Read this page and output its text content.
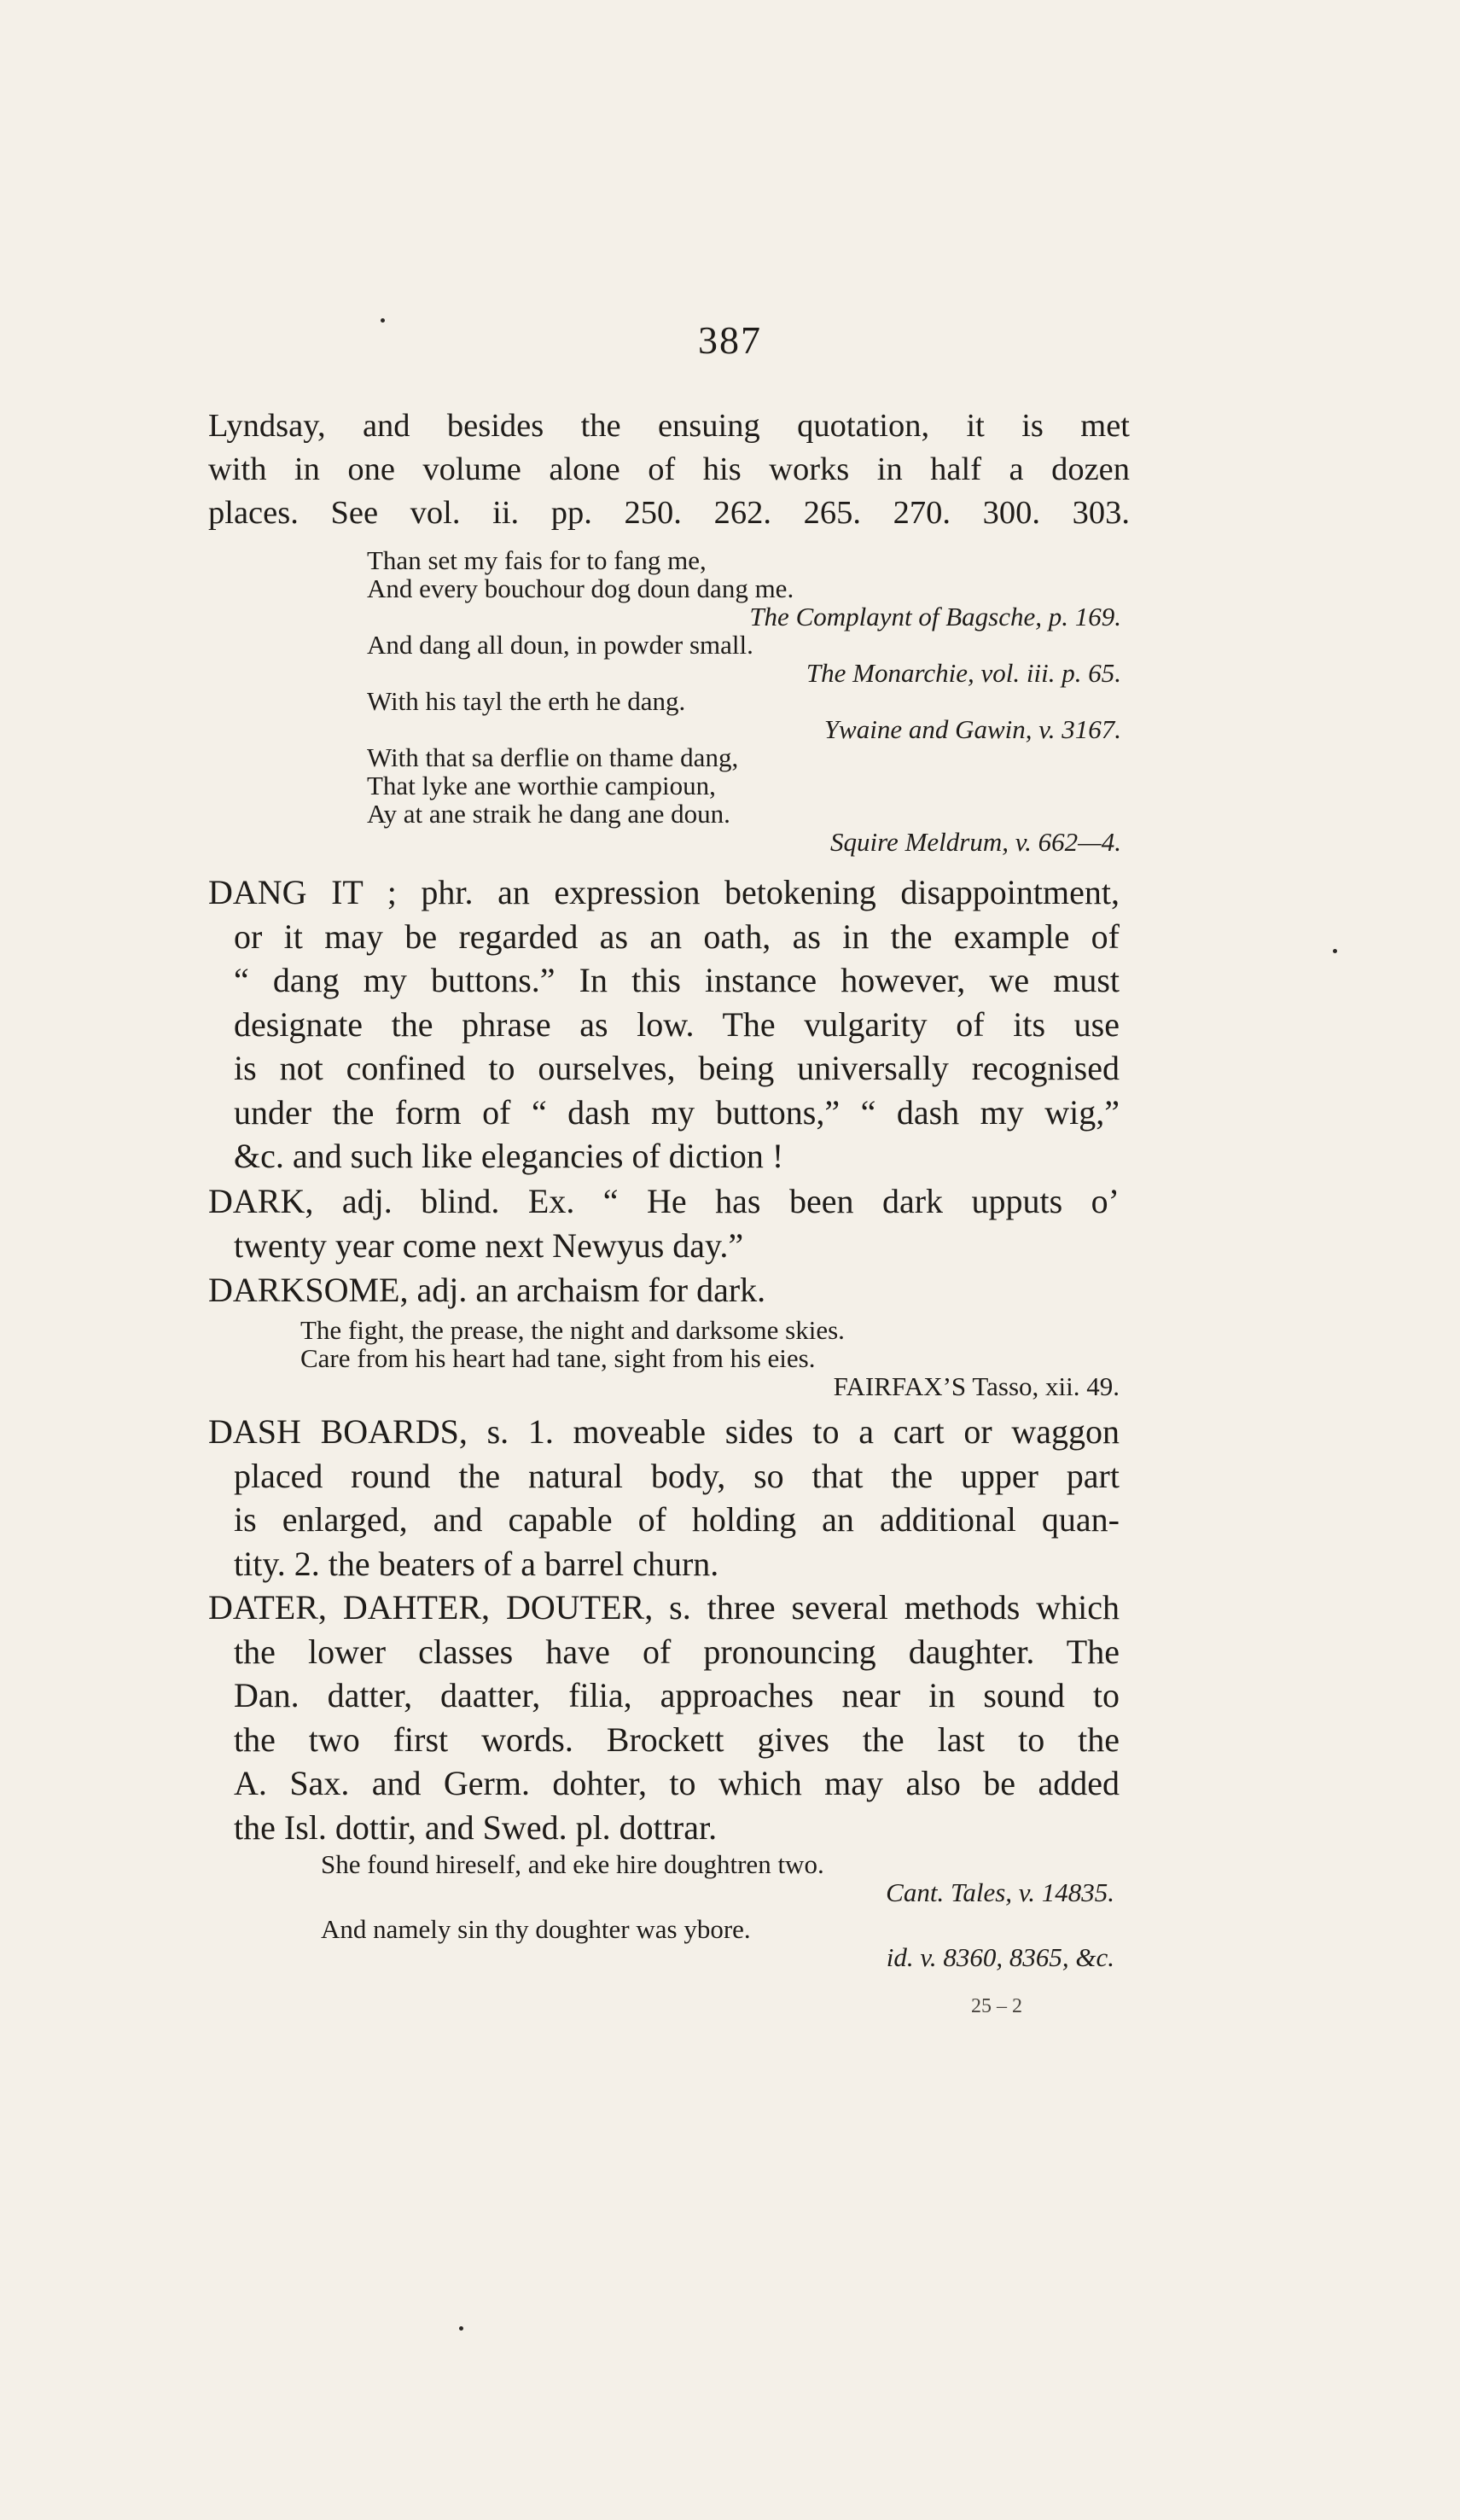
387
Lyndsay, and besides the ensuing quotation, it is met
with in one volume alone of his works in half a dozen
places. See vol. ii. pp. 250. 262. 265. 270. 300. 303.
Than set my fais for to fang me,
And every bouchour dog doun dang me.
The Complaynt of Bagsche, p. 169.
And dang all doun, in powder small.
The Monarchie, vol. iii. p. 65.
With his tayl the erth he dang.
Ywaine and Gawin, v. 3167.
With that sa derflie on thame dang,
That lyke ane worthie campioun,
Ay at ane straik he dang ane doun.
Squire Meldrum, v. 662—4.
DANG IT ; phr. an expression betokening disappointment,
or it may be regarded as an oath, as in the example of
“ dang my buttons.” In this instance however, we must
designate the phrase as low. The vulgarity of its use
is not confined to ourselves, being universally recognised
under the form of “ dash my buttons,” “ dash my wig,”
&c. and such like elegancies of diction !
DARK, adj. blind. Ex. “ He has been dark upputs o’
twenty year come next Newyus day.”
DARKSOME, adj. an archaism for dark.
The fight, the prease, the night and darksome skies.
Care from his heart had tane, sight from his eies.
FAIRFAX’S Tasso, xii. 49.
DASH BOARDS, s. 1. moveable sides to a cart or waggon
placed round the natural body, so that the upper part
is enlarged, and capable of holding an additional quan-
tity. 2. the beaters of a barrel churn.
DATER, DAHTER, DOUTER, s. three several methods which
the lower classes have of pronouncing daughter. The
Dan. datter, daatter, filia, approaches near in sound to
the two first words. Brockett gives the last to the
A. Sax. and Germ. dohter, to which may also be added
the Isl. dottir, and Swed. pl. dottrar.
She found hireself, and eke hire doughtren two.
Cant. Tales, v. 14835.
And namely sin thy doughter was ybore.
id. v. 8360, 8365, &c.
25 – 2
